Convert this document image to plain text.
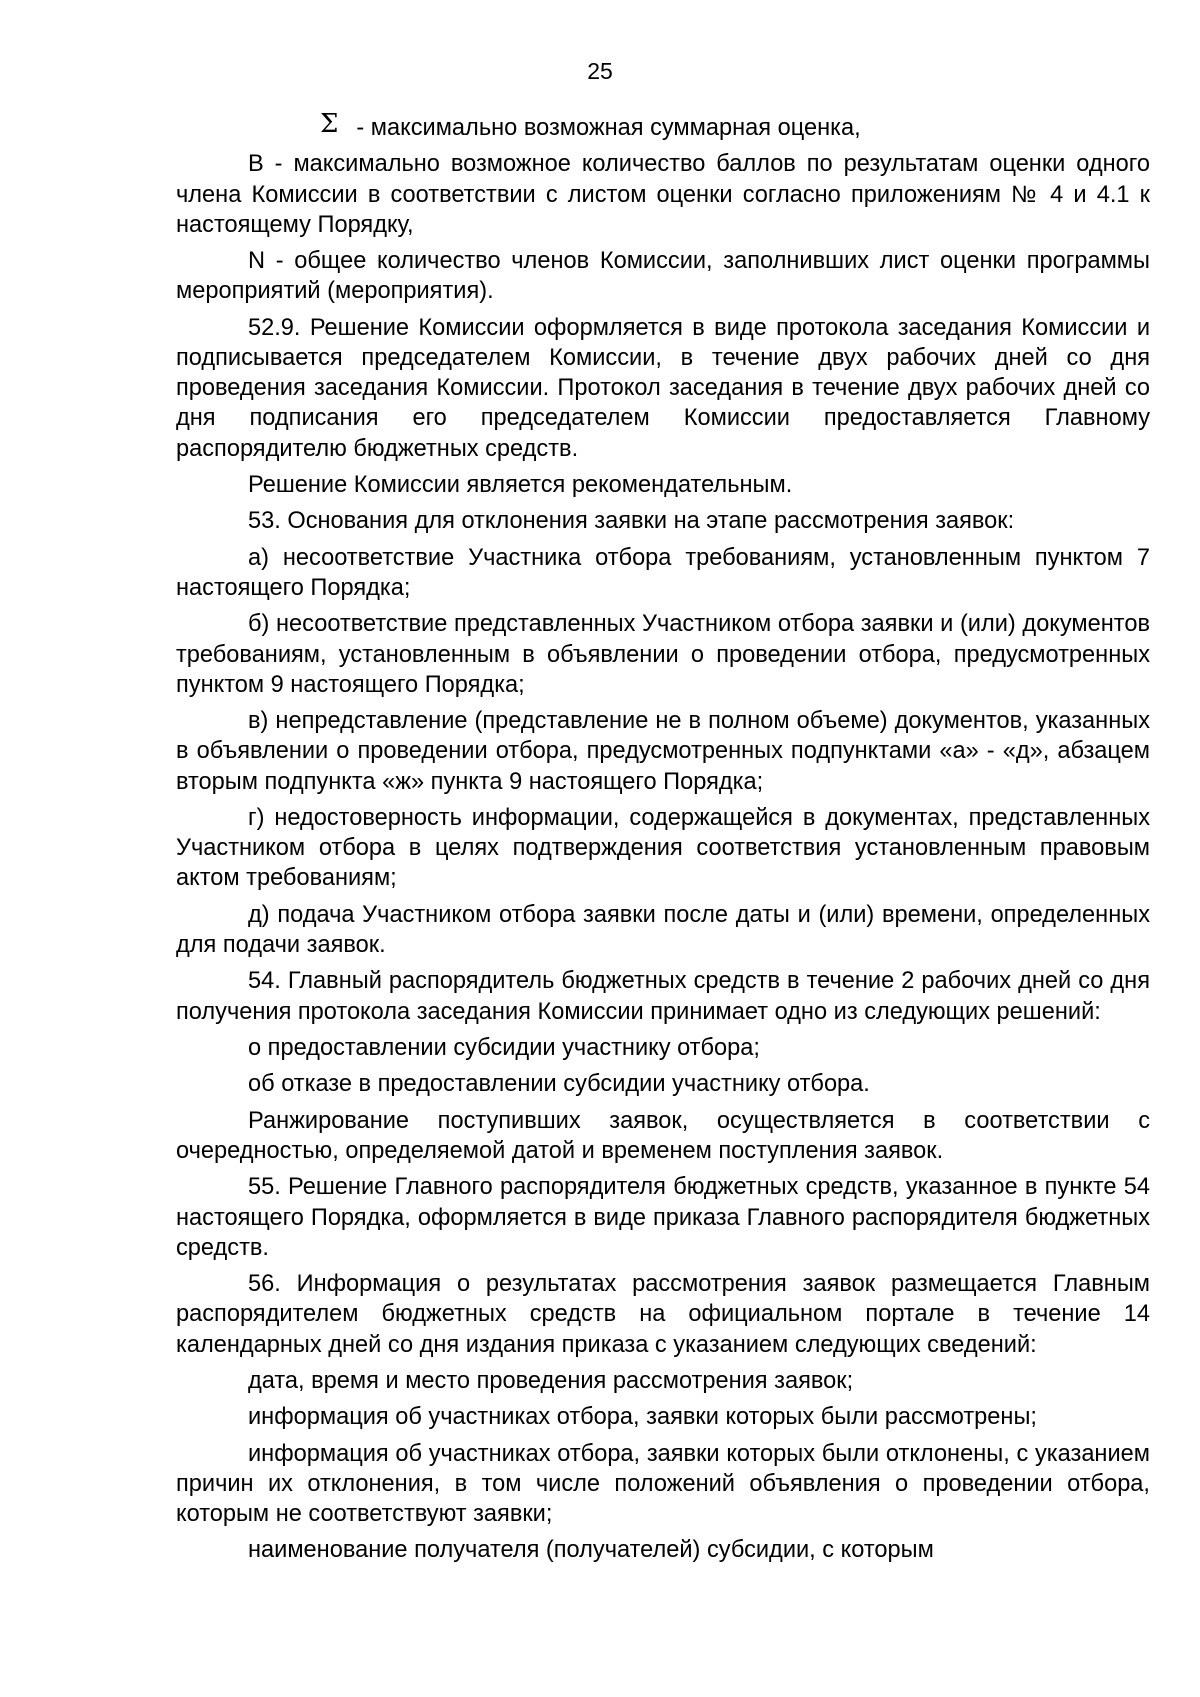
25

Σ - максимально возможная суммарная оценка,

В - максимально возможное количество баллов по результатам оценки одного члена Комиссии в соответствии с листом оценки согласно приложениям № 4 и 4.1 к настоящему Порядку,

N - общее количество членов Комиссии, заполнивших лист оценки программы мероприятий (мероприятия).

52.9. Решение Комиссии оформляется в виде протокола заседания Комиссии и подписывается председателем Комиссии, в течение двух рабочих дней со дня проведения заседания Комиссии. Протокол заседания в течение двух рабочих дней со дня подписания его председателем Комиссии предоставляется Главному распорядителю бюджетных средств.

Решение Комиссии является рекомендательным.

53. Основания для отклонения заявки на этапе рассмотрения заявок:

а) несоответствие Участника отбора требованиям, установленным пунктом 7 настоящего Порядка;

б) несоответствие представленных Участником отбора заявки и (или) документов требованиям, установленным в объявлении о проведении отбора, предусмотренных пунктом 9 настоящего Порядка;

в) непредставление (представление не в полном объеме) документов, указанных в объявлении о проведении отбора, предусмотренных подпунктами «а» - «д», абзацем вторым подпункта «ж» пункта 9 настоящего Порядка;

г) недостоверность информации, содержащейся в документах, представленных Участником отбора в целях подтверждения соответствия установленным правовым актом требованиям;

д) подача Участником отбора заявки после даты и (или) времени, определенных для подачи заявок.

54. Главный распорядитель бюджетных средств в течение 2 рабочих дней со дня получения протокола заседания Комиссии принимает одно из следующих решений:

о предоставлении субсидии участнику отбора;

об отказе в предоставлении субсидии участнику отбора.

Ранжирование поступивших заявок, осуществляется в соответствии с очередностью, определяемой датой и временем поступления заявок.

55. Решение Главного распорядителя бюджетных средств, указанное в пункте 54 настоящего Порядка, оформляется в виде приказа Главного распорядителя бюджетных средств.

56. Информация о результатах рассмотрения заявок размещается Главным распорядителем бюджетных средств на официальном портале в течение 14 календарных дней со дня издания приказа с указанием следующих сведений:

дата, время и место проведения рассмотрения заявок;

информация об участниках отбора, заявки которых были рассмотрены;

информация об участниках отбора, заявки которых были отклонены, с указанием причин их отклонения, в том числе положений объявления о проведении отбора, которым не соответствуют заявки;

наименование получателя (получателей) субсидии, с которым
